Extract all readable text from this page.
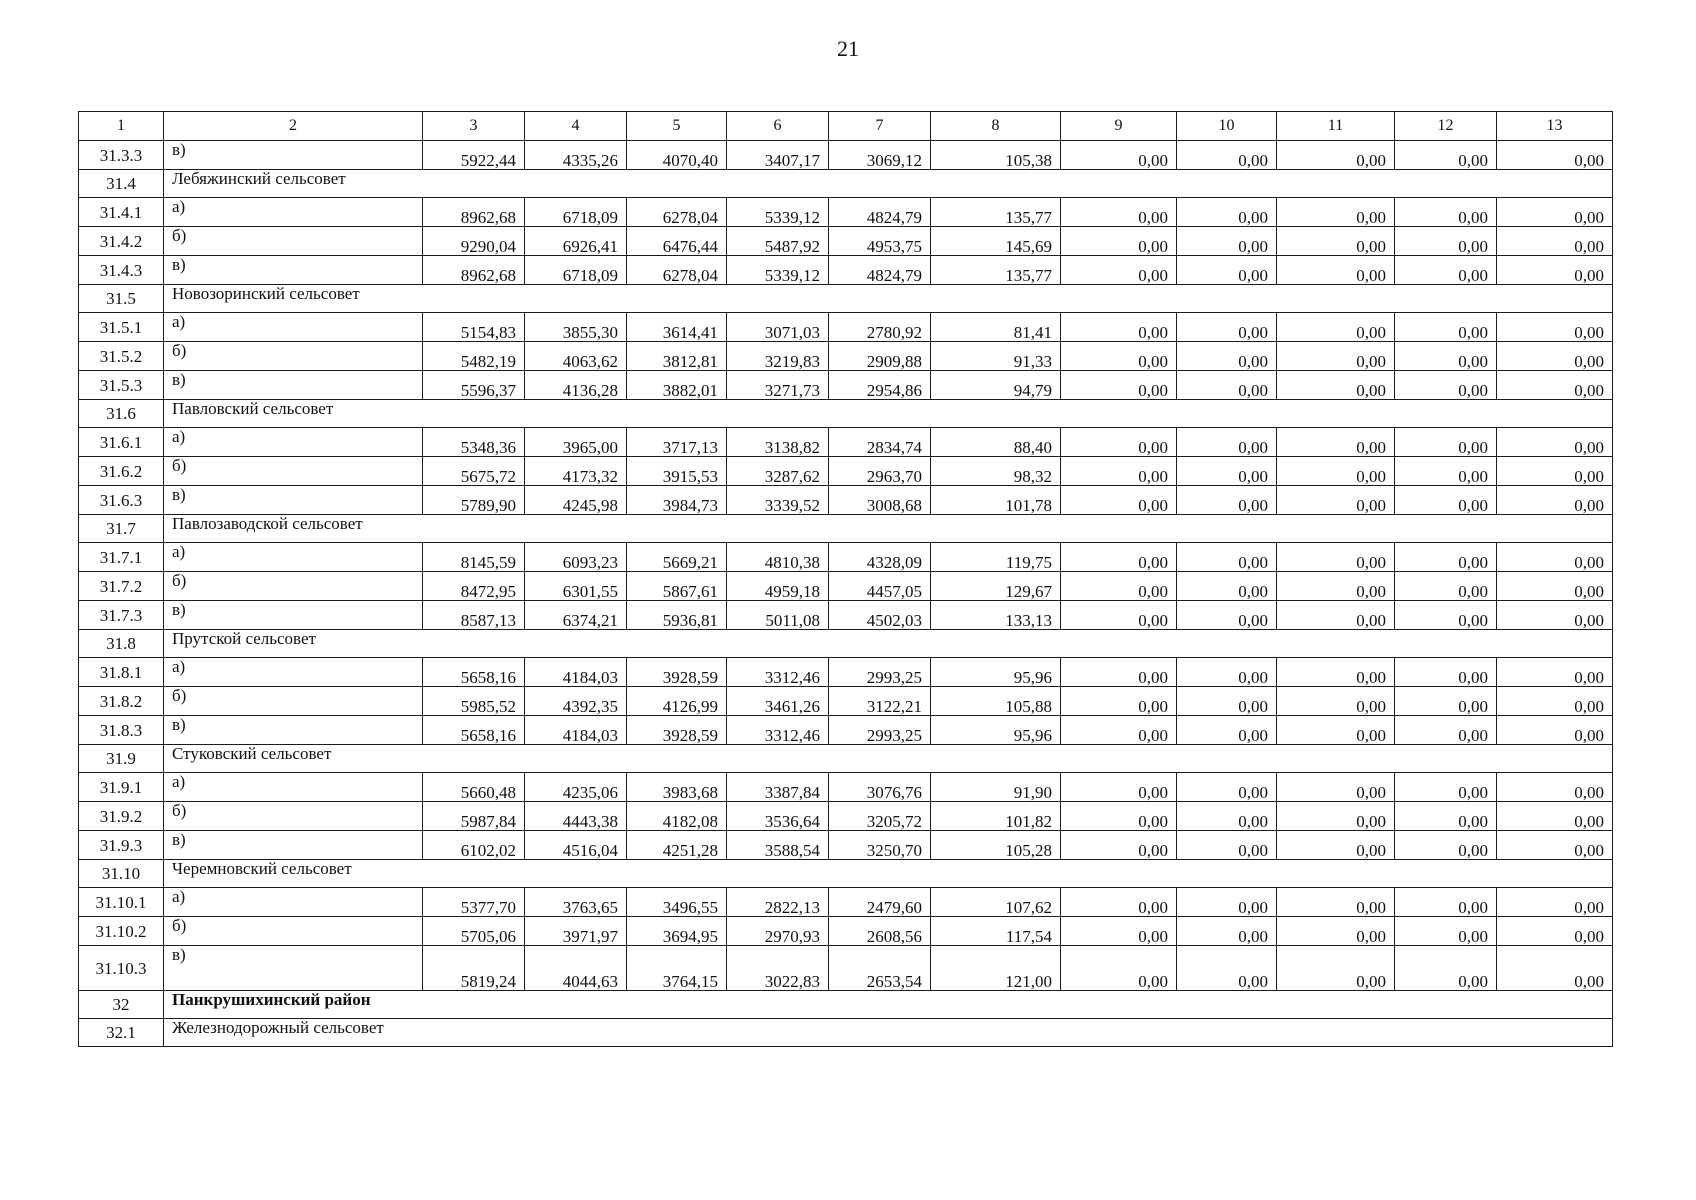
21
1	2	3	4	5	6	7	8	9	10	11	12	13
31.3.3	в)	5922,44	4335,26	4070,40	3407,17	3069,12	105,38	0,00	0,00	0,00	0,00	0,00
31.4	Лебяжинский сельсовет											
31.4.1	а)	8962,68	6718,09	6278,04	5339,12	4824,79	135,77	0,00	0,00	0,00	0,00	0,00
31.4.2	б)	9290,04	6926,41	6476,44	5487,92	4953,75	145,69	0,00	0,00	0,00	0,00	0,00
31.4.3	в)	8962,68	6718,09	6278,04	5339,12	4824,79	135,77	0,00	0,00	0,00	0,00	0,00
31.5	Новозоринский сельсовет											
31.5.1	а)	5154,83	3855,30	3614,41	3071,03	2780,92	81,41	0,00	0,00	0,00	0,00	0,00
31.5.2	б)	5482,19	4063,62	3812,81	3219,83	2909,88	91,33	0,00	0,00	0,00	0,00	0,00
31.5.3	в)	5596,37	4136,28	3882,01	3271,73	2954,86	94,79	0,00	0,00	0,00	0,00	0,00
31.6	Павловский сельсовет											
31.6.1	а)	5348,36	3965,00	3717,13	3138,82	2834,74	88,40	0,00	0,00	0,00	0,00	0,00
31.6.2	б)	5675,72	4173,32	3915,53	3287,62	2963,70	98,32	0,00	0,00	0,00	0,00	0,00
31.6.3	в)	5789,90	4245,98	3984,73	3339,52	3008,68	101,78	0,00	0,00	0,00	0,00	0,00
31.7	Павлозаводской сельсовет											
31.7.1	а)	8145,59	6093,23	5669,21	4810,38	4328,09	119,75	0,00	0,00	0,00	0,00	0,00
31.7.2	б)	8472,95	6301,55	5867,61	4959,18	4457,05	129,67	0,00	0,00	0,00	0,00	0,00
31.7.3	в)	8587,13	6374,21	5936,81	5011,08	4502,03	133,13	0,00	0,00	0,00	0,00	0,00
31.8	Прутской сельсовет											
31.8.1	а)	5658,16	4184,03	3928,59	3312,46	2993,25	95,96	0,00	0,00	0,00	0,00	0,00
31.8.2	б)	5985,52	4392,35	4126,99	3461,26	3122,21	105,88	0,00	0,00	0,00	0,00	0,00
31.8.3	в)	5658,16	4184,03	3928,59	3312,46	2993,25	95,96	0,00	0,00	0,00	0,00	0,00
31.9	Стуковский сельсовет											
31.9.1	а)	5660,48	4235,06	3983,68	3387,84	3076,76	91,90	0,00	0,00	0,00	0,00	0,00
31.9.2	б)	5987,84	4443,38	4182,08	3536,64	3205,72	101,82	0,00	0,00	0,00	0,00	0,00
31.9.3	в)	6102,02	4516,04	4251,28	3588,54	3250,70	105,28	0,00	0,00	0,00	0,00	0,00
31.10	Черемновский сельсовет											
31.10.1	а)	5377,70	3763,65	3496,55	2822,13	2479,60	107,62	0,00	0,00	0,00	0,00	0,00
31.10.2	б)	5705,06	3971,97	3694,95	2970,93	2608,56	117,54	0,00	0,00	0,00	0,00	0,00
31.10.3	в)	5819,24	4044,63	3764,15	3022,83	2653,54	121,00	0,00	0,00	0,00	0,00	0,00
32	Панкрушихинский район											
32.1	Железнодорожный сельсовет											
